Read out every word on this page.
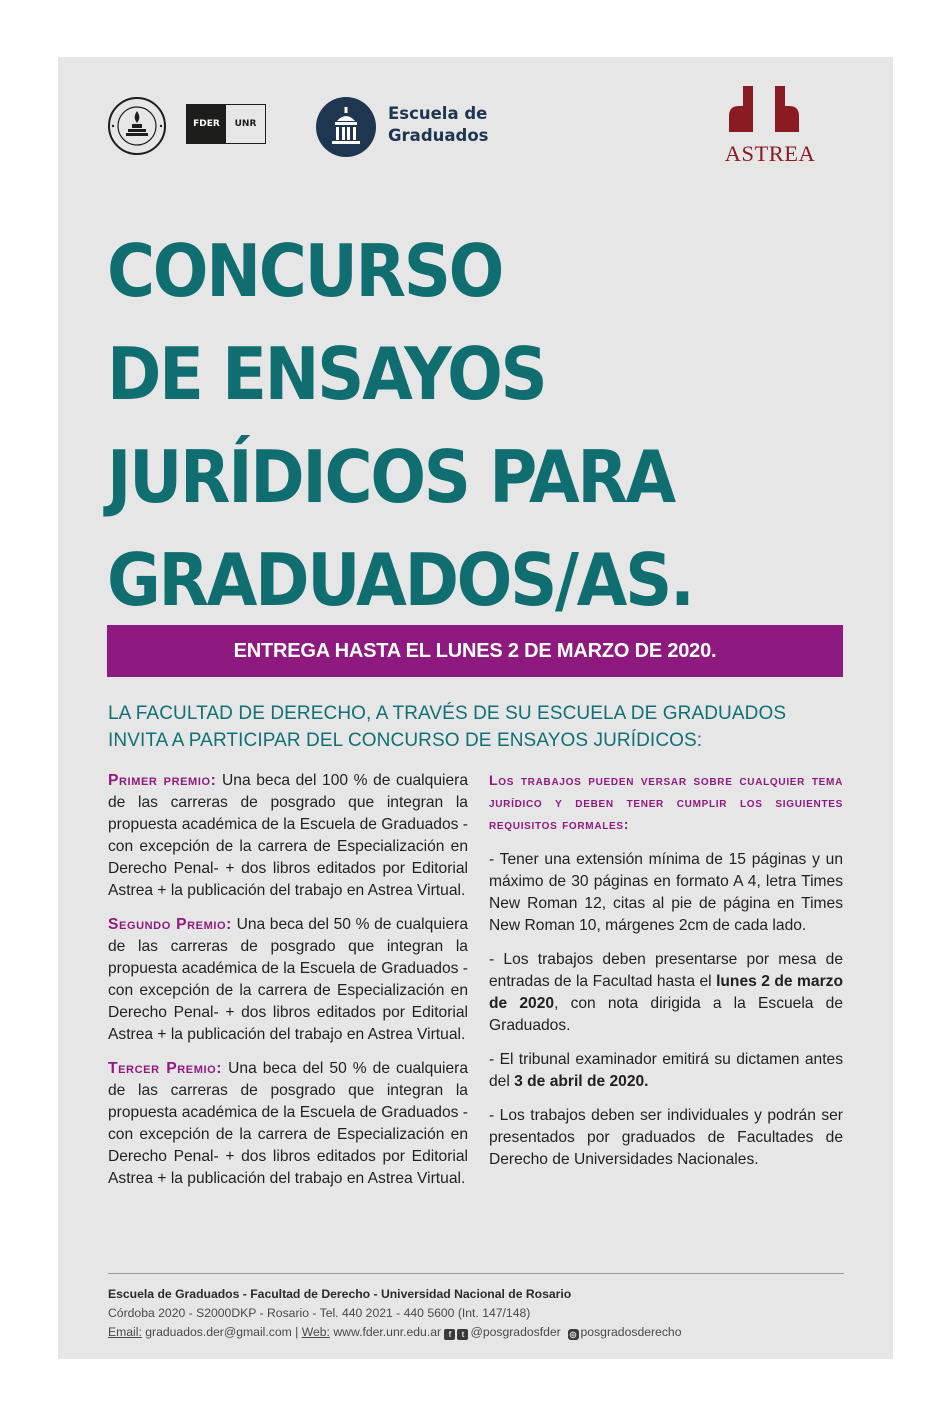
FDER	UNR
Escuela de
Graduados
ASTREA
CONCURSO
DE ENSAYOS
JURÍDICOS PARA
GRADUADOS/AS.
ENTREGA HASTA EL LUNES 2 DE MARZO DE 2020.
LA FACULTAD DE DERECHO, A TRAVÉS DE SU ESCUELA DE GRADUADOS
INVITA A PARTICIPAR DEL CONCURSO DE ENSAYOS JURÍDICOS:

Primer premio: Una beca del 100 % de cualquiera de las carreras de posgrado que integran la propuesta académica de la Escuela de Graduados -con excepción de la carrera de Especialización en Derecho Penal- + dos libros editados por Editorial Astrea + la publicación del trabajo en Astrea Virtual.

Segundo Premio: Una beca del 50 % de cualquiera de las carreras de posgrado que integran la propuesta académica de la Escuela de Graduados -con excepción de la carrera de Especialización en Derecho Penal- + dos libros editados por Editorial Astrea + la publicación del trabajo en Astrea Virtual.

Tercer Premio: Una beca del 50 % de cualquiera de las carreras de posgrado que integran la propuesta académica de la Escuela de Graduados -con excepción de la carrera de Especialización en Derecho Penal- + dos libros editados por Editorial Astrea + la publicación del trabajo en Astrea Virtual.

Los trabajos pueden versar sobre cualquier tema jurídico y deben tener cumplir los siguientes requisitos formales:

- Tener una extensión mínima de 15 páginas y un máximo de 30 páginas en formato A 4, letra Times New Roman 12, citas al pie de página en Times New Roman 10, márgenes 2cm de cada lado.

- Los trabajos deben presentarse por mesa de entradas de la Facultad hasta el lunes 2 de marzo de 2020, con nota dirigida a la Escuela de Graduados.

- El tribunal examinador emitirá su dictamen antes del 3 de abril de 2020.

- Los trabajos deben ser individuales y podrán ser presentados por graduados de Facultades de Derecho de Universidades Nacionales.

Escuela de Graduados - Facultad de Derecho - Universidad Nacional de Rosario
Córdoba 2020 - S2000DKP - Rosario - Tel. 440 2021 - 440 5600 (Int. 147/148)
Email: graduados.der@gmail.com | Web: www.fder.unr.edu.ar f t @posgradosfder ◎ posgradosderecho
